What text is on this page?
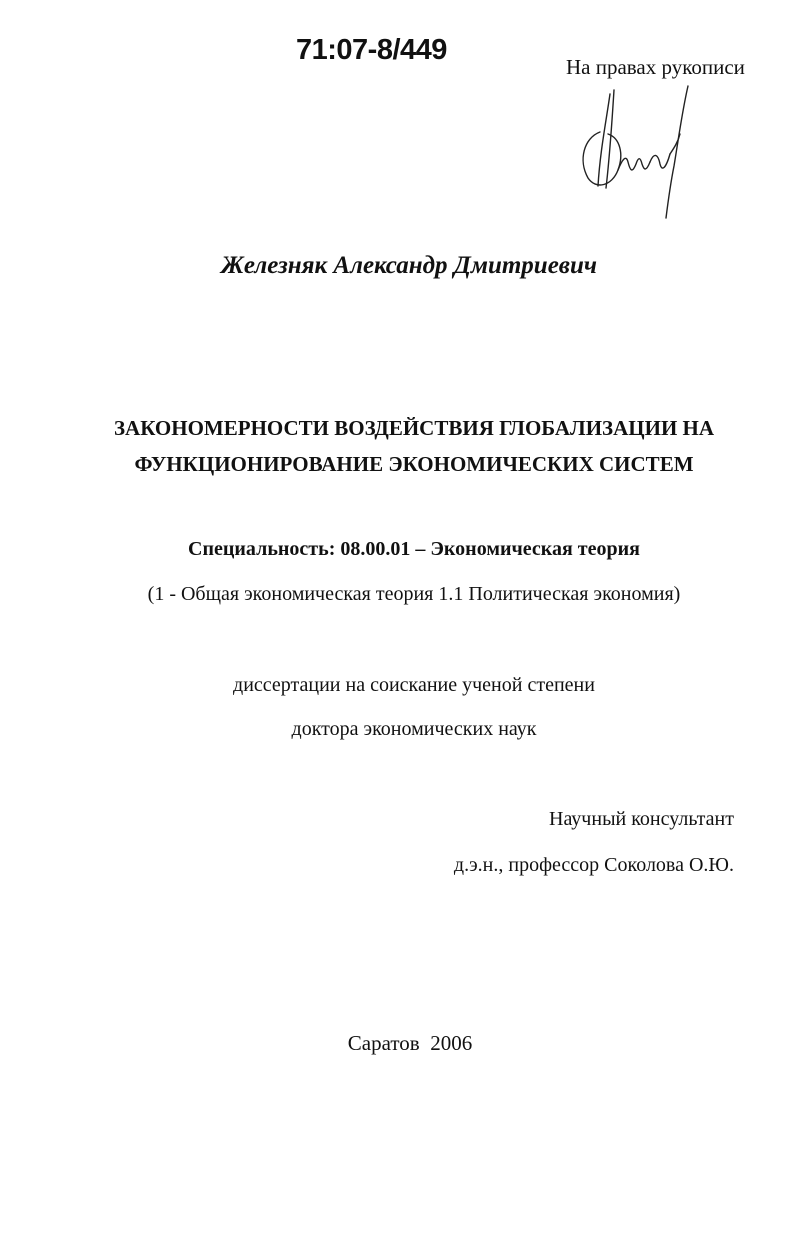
71:07-8/449
На правах рукописи
Железняк Александр Дмитриевич
ЗАКОНОМЕРНОСТИ ВОЗДЕЙСТВИЯ ГЛОБАЛИЗАЦИИ НА
ФУНКЦИОНИРОВАНИЕ ЭКОНОМИЧЕСКИХ СИСТЕМ
Специальность: 08.00.01 – Экономическая теория
(1 - Общая экономическая теория 1.1 Политическая экономия)
диссертации на соискание ученой степени
доктора экономических наук
Научный консультант
д.э.н., профессор Соколова О.Ю.
Саратов  2006
